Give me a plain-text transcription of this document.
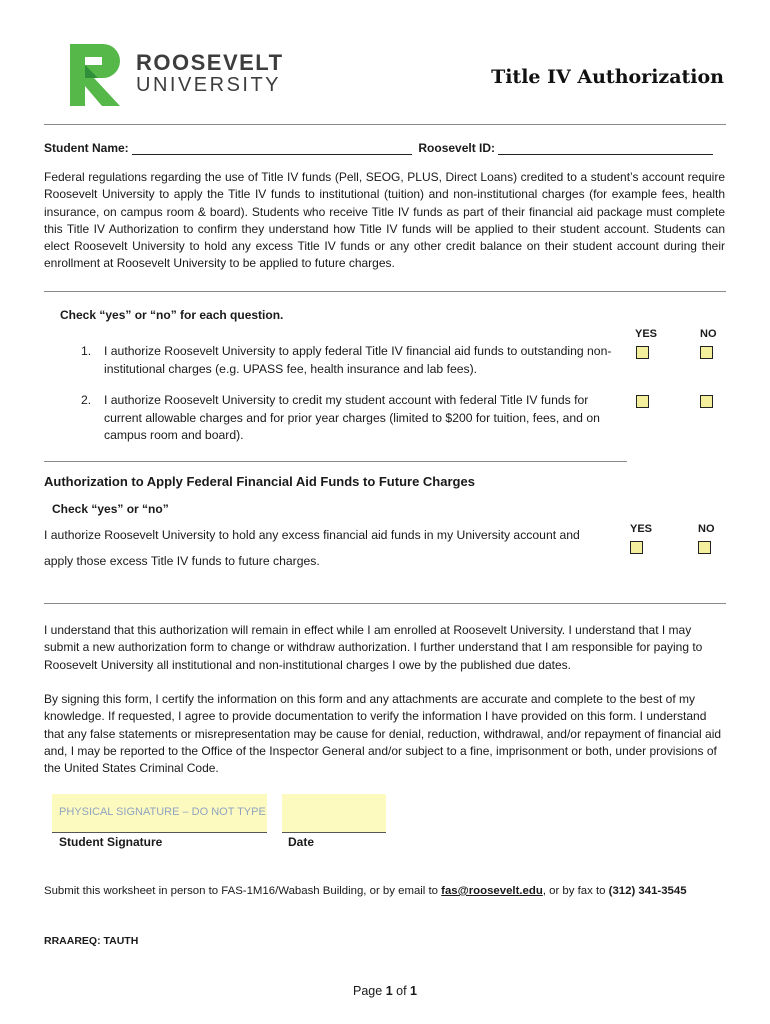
ROOSEVELT
UNIVERSITY	Title IV Authorization
Student Name:	Roosevelt ID:
Federal regulations regarding the use of Title IV funds (Pell, SEOG, PLUS, Direct Loans) credited to a student’s account require Roosevelt University to apply the Title IV funds to institutional (tuition) and non-institutional charges (for example fees, health insurance, on campus room & board). Students who receive Title IV funds as part of their financial aid package must complete this Title IV Authorization to confirm they understand how Title IV funds will be applied to their student account. Students can elect Roosevelt University to hold any excess Title IV funds or any other credit balance on their student account during their enrollment at Roosevelt University to be applied to future charges.
Check “yes” or “no” for each question.
YES	NO
1. I authorize Roosevelt University to apply federal Title IV financial aid funds to outstanding non-institutional charges (e.g. UPASS fee, health insurance and lab fees).
2. I authorize Roosevelt University to credit my student account with federal Title IV funds for current allowable charges and for prior year charges (limited to $200 for tuition, fees, and on campus room and board).
Authorization to Apply Federal Financial Aid Funds to Future Charges
Check “yes” or “no”
I authorize Roosevelt University to hold any excess financial aid funds in my University account and
apply those excess Title IV funds to future charges.
YES	NO
I understand that this authorization will remain in effect while I am enrolled at Roosevelt University. I understand that I may submit a new authorization form to change or withdraw authorization. I further understand that I am responsible for paying to Roosevelt University all institutional and non-institutional charges I owe by the published due dates.
By signing this form, I certify the information on this form and any attachments are accurate and complete to the best of my knowledge. If requested, I agree to provide documentation to verify the information I have provided on this form. I understand that any false statements or misrepresentation may be cause for denial, reduction, withdrawal, and/or repayment of financial aid and, I may be reported to the Office of the Inspector General and/or subject to a fine, imprisonment or both, under provisions of the United States Criminal Code.
PHYSICAL SIGNATURE – DO NOT TYPE
Student Signature	Date
Submit this worksheet in person to FAS-1M16/Wabash Building, or by email to fas@roosevelt.edu, or by fax to (312) 341-3545
RRAAREQ: TAUTH
Page 1 of 1
